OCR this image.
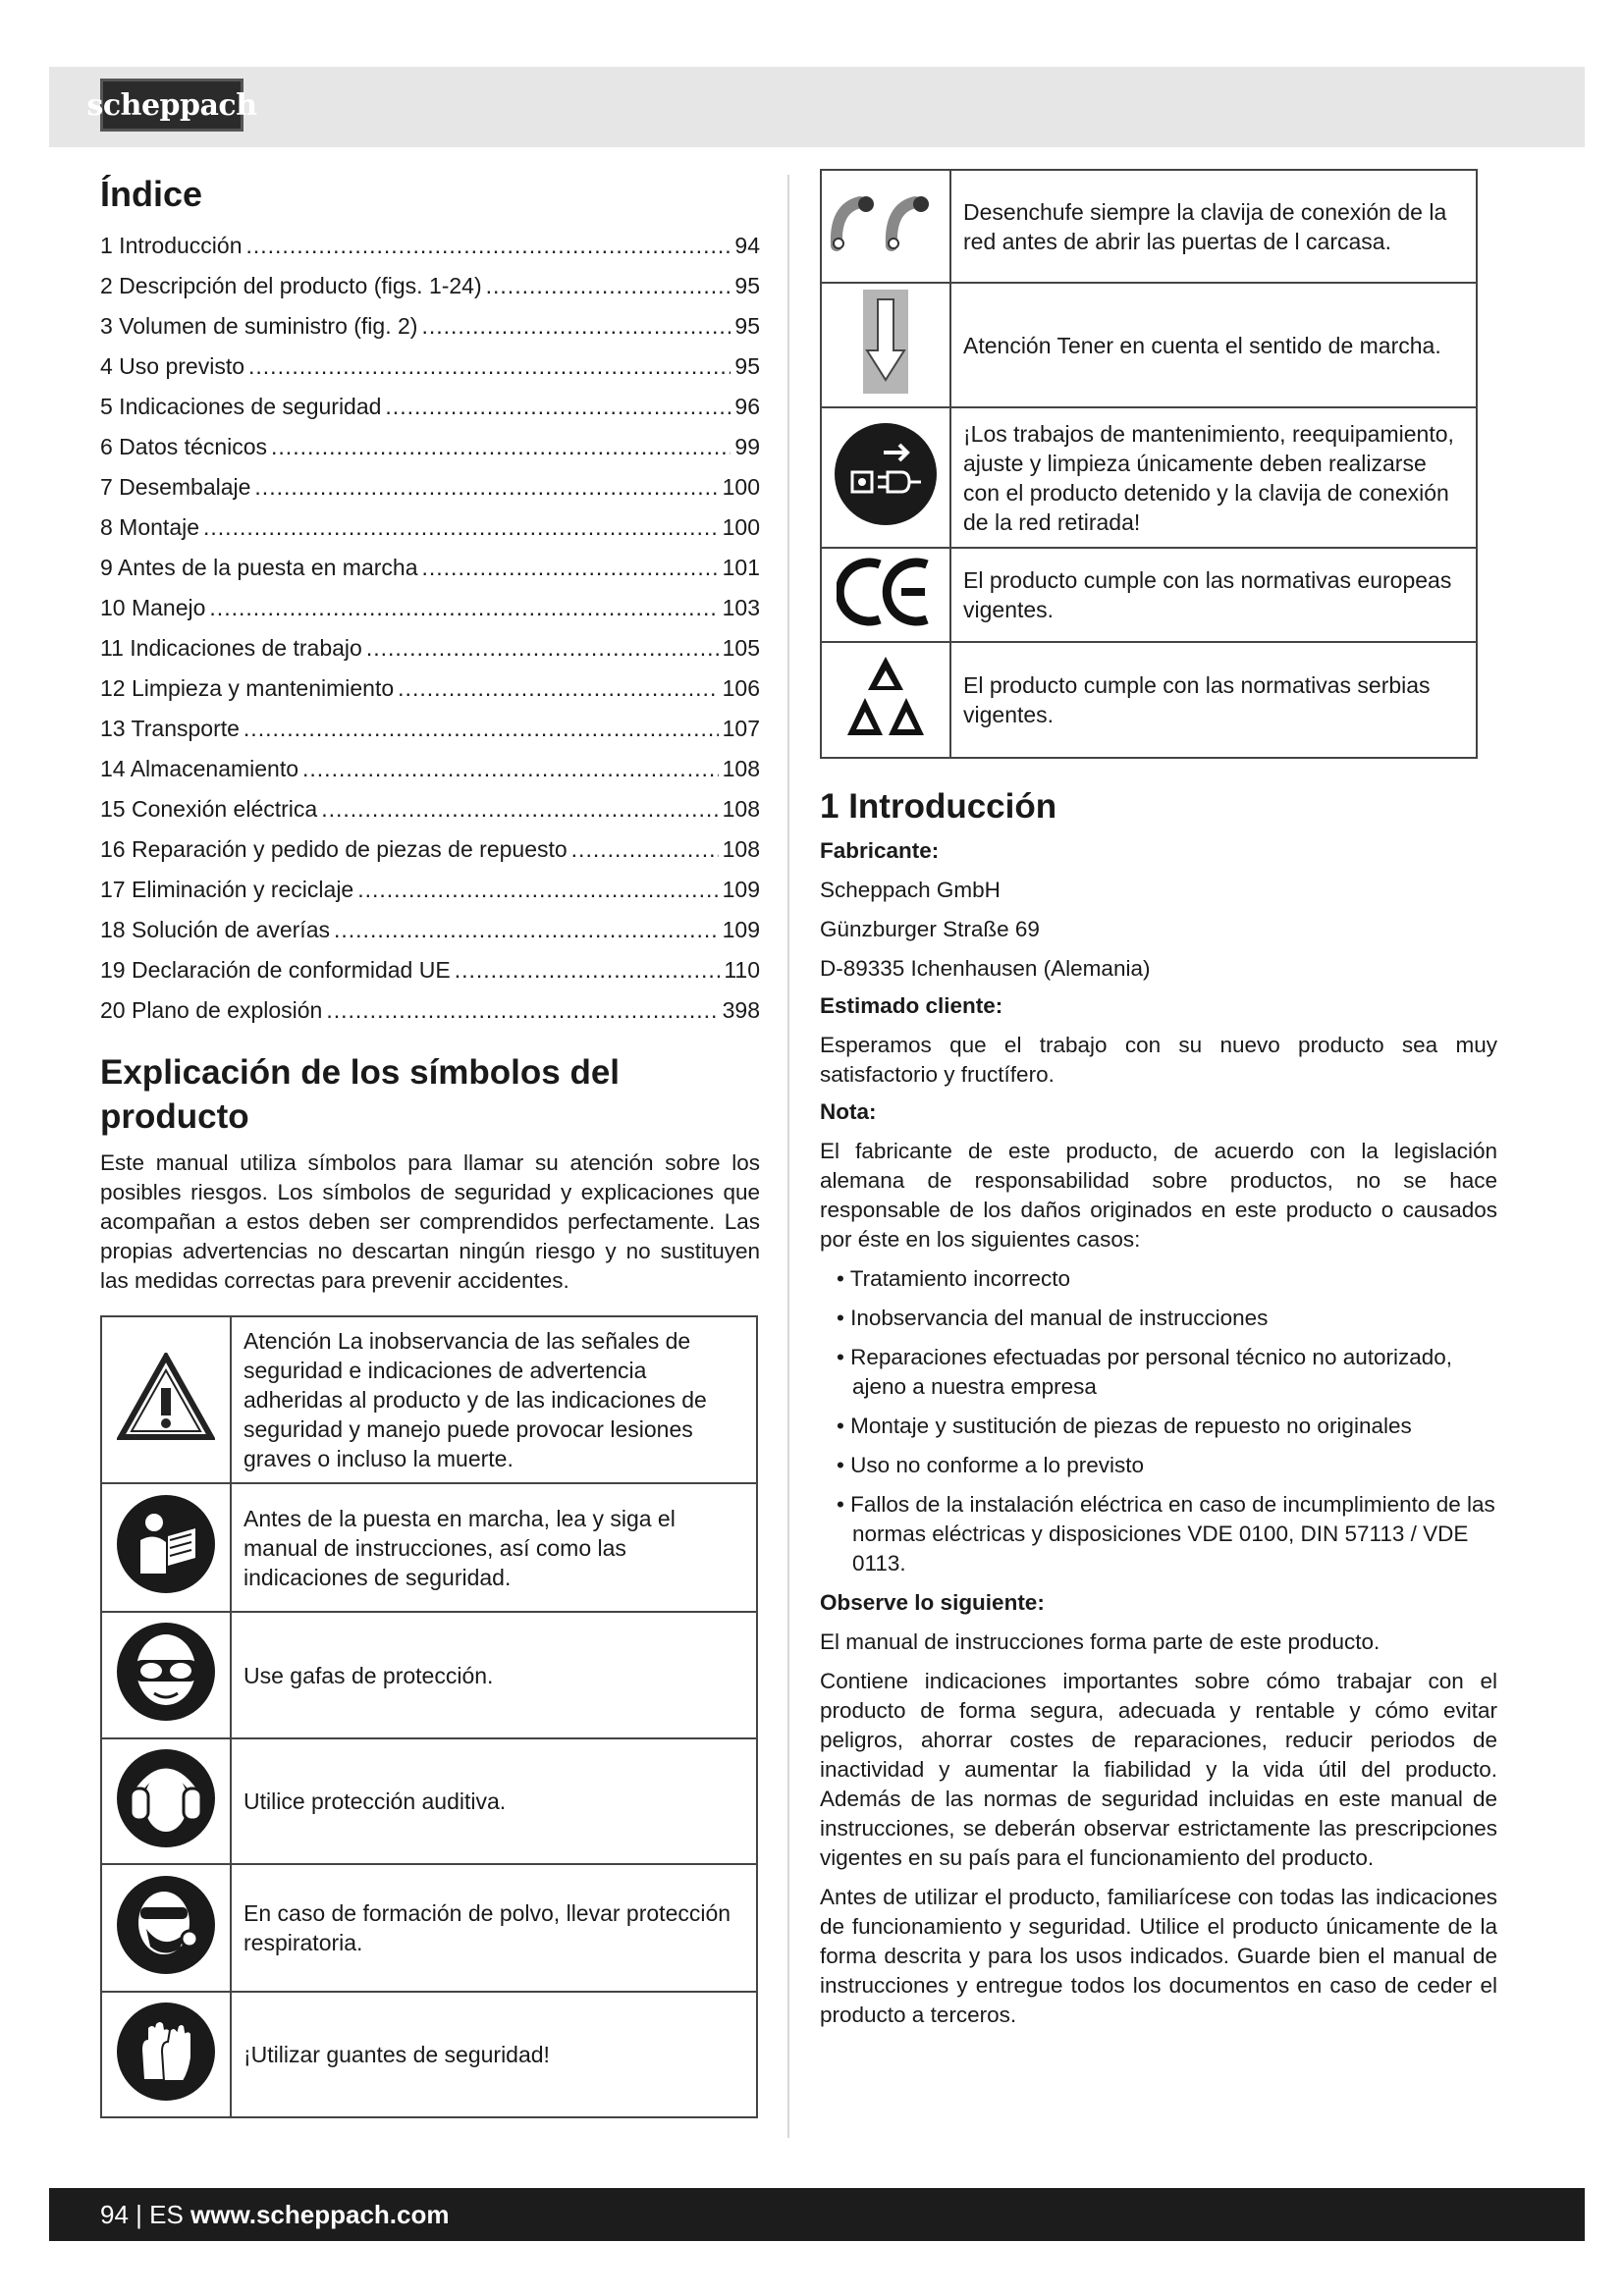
scheppach
Índice
1 Introducción .....	94
2 Descripción del producto (figs. 1-24) .....	95
3 Volumen de suministro (fig. 2) .....	95
4 Uso previsto .....	95
5 Indicaciones de seguridad .....	96
6 Datos técnicos .....	99
7 Desembalaje .....	100
8 Montaje .....	100
9 Antes de la puesta en marcha .....	101
10 Manejo .....	103
11 Indicaciones de trabajo .....	105
12 Limpieza y mantenimiento .....	106
13 Transporte .....	107
14 Almacenamiento .....	108
15 Conexión eléctrica .....	108
16 Reparación y pedido de piezas de repuesto .....	108
17 Eliminación y reciclaje .....	109
18 Solución de averías .....	109
19 Declaración de conformidad UE .....	110
20 Plano de explosión .....	398
Explicación de los símbolos del producto

Este manual utiliza símbolos para llamar su atención sobre los posibles riesgos. Los símbolos de seguridad y explicaciones que acompañan a estos deben ser comprendidos perfectamente. Las propias advertencias no descartan ningún riesgo y no sustituyen las medidas correctas para prevenir accidentes.

	Atención La inobservancia de las señales de seguridad e indicaciones de advertencia adheridas al producto y de las indicaciones de seguridad y manejo puede provocar lesiones graves o incluso la muerte.
	Antes de la puesta en marcha, lea y siga el manual de instrucciones, así como las indicaciones de seguridad.
	Use gafas de protección.
	Utilice protección auditiva.
	En caso de formación de polvo, llevar protección respiratoria.
	¡Utilizar guantes de seguridad!
	Desenchufe siempre la clavija de conexión de la red antes de abrir las puertas de l carcasa.
	Atención Tener en cuenta el sentido de marcha.
	¡Los trabajos de mantenimiento, reequipamiento, ajuste y limpieza únicamente deben realizarse con el producto detenido y la clavija de conexión de la red retirada!
	El producto cumple con las normativas europeas vigentes.
	El producto cumple con las normativas serbias vigentes.
1 Introducción
Fabricante:
Scheppach GmbH
Günzburger Straße 69
D-89335 Ichenhausen (Alemania)
Estimado cliente:

Esperamos que el trabajo con su nuevo producto sea muy satisfactorio y fructífero.

Nota:

El fabricante de este producto, de acuerdo con la legislación alemana de responsabilidad sobre productos, no se hace responsable de los daños originados en este producto o causados por éste en los siguientes casos:

• Tratamiento incorrecto
• Inobservancia del manual de instrucciones
• Reparaciones efectuadas por personal técnico no autorizado, ajeno a nuestra empresa
• Montaje y sustitución de piezas de repuesto no originales
• Uso no conforme a lo previsto
• Fallos de la instalación eléctrica en caso de incumplimiento de las normas eléctricas y disposiciones VDE 0100, DIN 57113 / VDE 0113.
Observe lo siguiente:
El manual de instrucciones forma parte de este producto.

Contiene indicaciones importantes sobre cómo trabajar con el producto de forma segura, adecuada y rentable y cómo evitar peligros, ahorrar costes de reparaciones, reducir periodos de inactividad y aumentar la fiabilidad y la vida útil del producto. Además de las normas de seguridad incluidas en este manual de instrucciones, se deberán observar estrictamente las prescripciones vigentes en su país para el funcionamiento del producto.

Antes de utilizar el producto, familiarícese con todas las indicaciones de funcionamiento y seguridad. Utilice el producto únicamente de la forma descrita y para los usos indicados. Guarde bien el manual de instrucciones y entregue todos los documentos en caso de ceder el producto a terceros.

94 | ES www.scheppach.com
